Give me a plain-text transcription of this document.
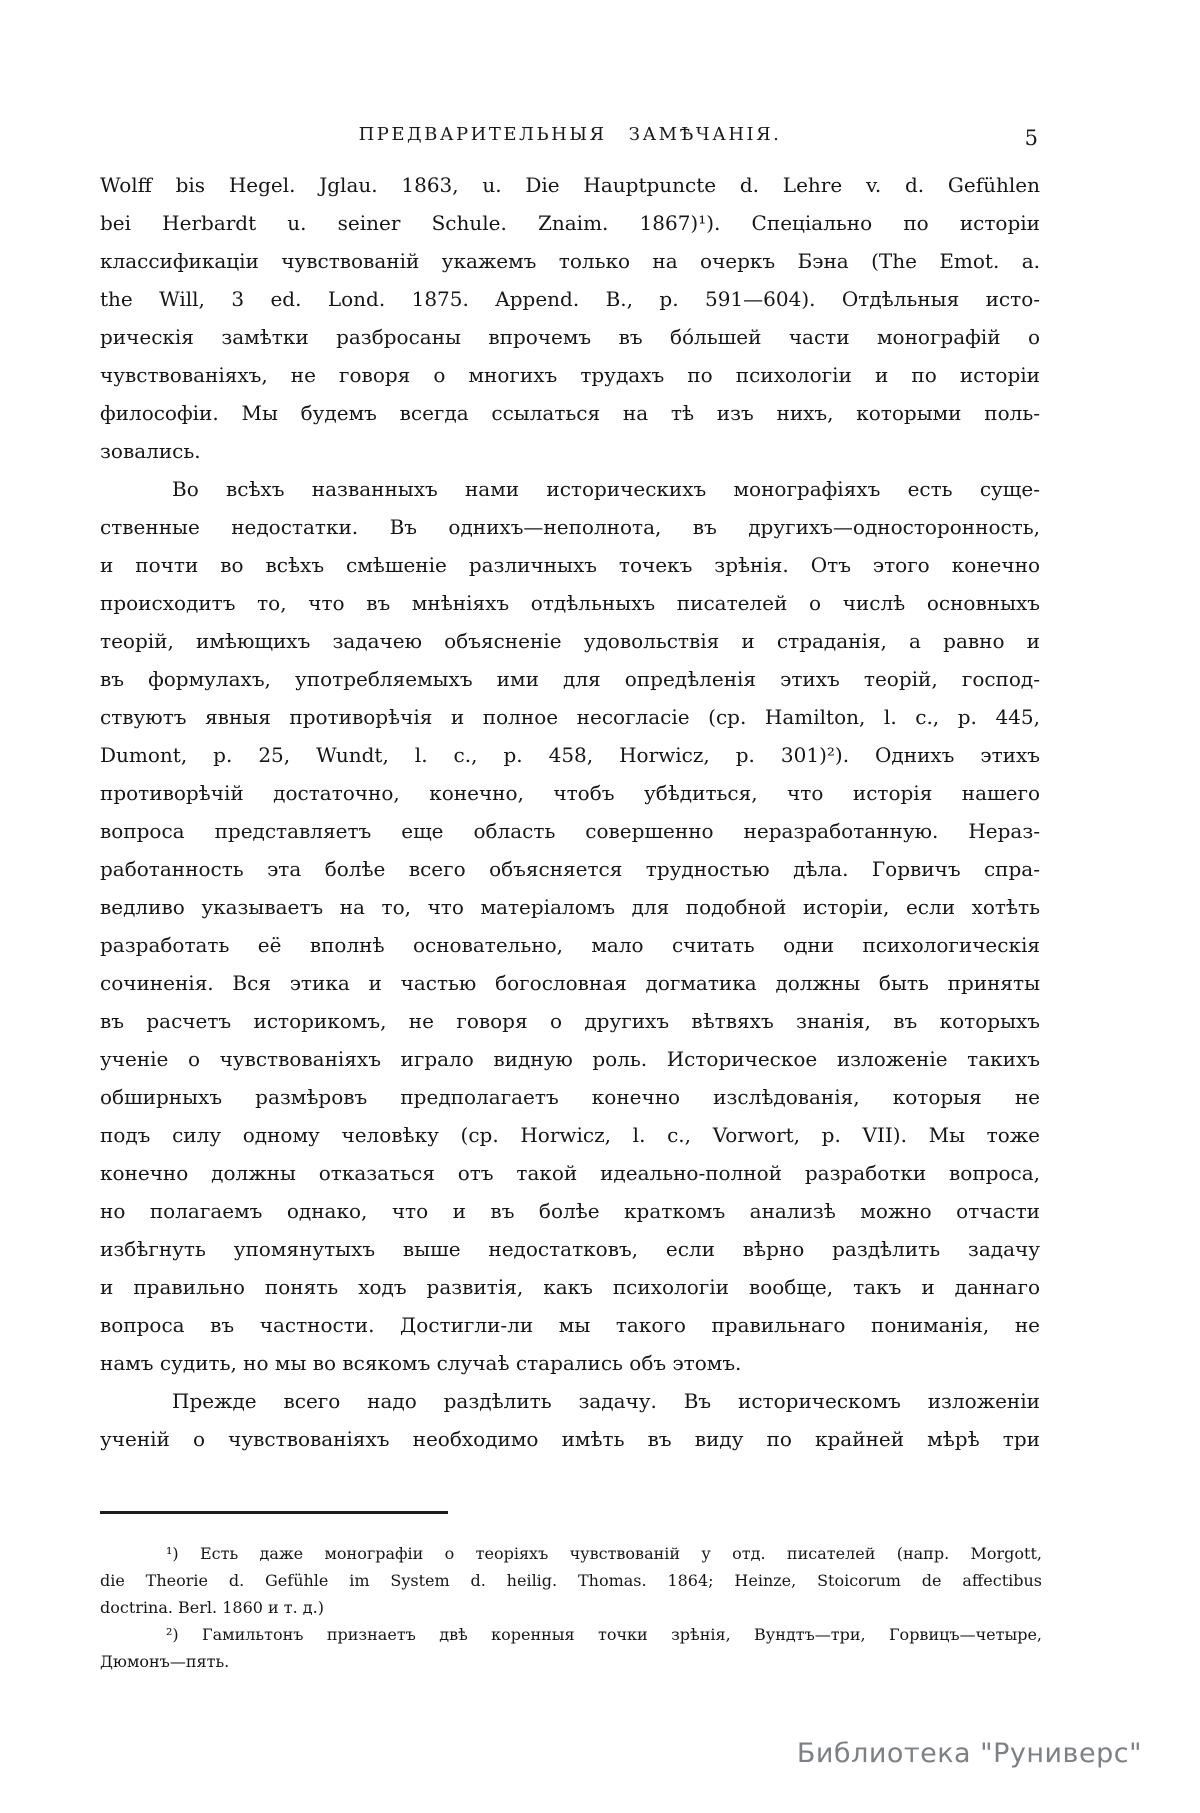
ПРЕДВАРИТЕЛЬНЫЯ ЗАМѢЧАНІЯ.	5
Wolff bis Hegel. Jglau. 1863, u. Die Hauptpuncte d. Lehre v. d. Gefühlen
bei Herbardt u. seiner Schule. Znaim. 1867)¹). Спеціально по исторіи
классификаціи чувствованій укажемъ только на очеркъ Бэна (The Emot. a.
the Will, 3 ed. Lond. 1875. Append. B., p. 591—604). Отдѣльныя исто-
рическія замѣтки разбросаны впрочемъ въ бо́льшей части монографій о
чувствованіяхъ, не говоря о многихъ трудахъ по психологіи и по исторіи
философіи. Мы будемъ всегда ссылаться на тѣ изъ нихъ, которыми поль-
зовались.
Во всѣхъ названныхъ нами историческихъ монографіяхъ есть суще-
ственные недостатки. Въ однихъ—неполнота, въ другихъ—односторонность,
и почти во всѣхъ смѣшеніе различныхъ точекъ зрѣнія. Отъ этого конечно
происходитъ то, что въ мнѣніяхъ отдѣльныхъ писателей о числѣ основныхъ
теорій, имѣющихъ задачею объясненіе удовольствія и страданія, а равно и
въ формулахъ, употребляемыхъ ими для опредѣленія этихъ теорій, господ-
ствуютъ явныя противорѣчія и полное несогласіе (ср. Hamilton, l. c., p. 445,
Dumont, p. 25, Wundt, l. c., p. 458, Horwicz, p. 301)²). Однихъ этихъ
противорѣчій достаточно, конечно, чтобъ убѣдиться, что исторія нашего
вопроса представляетъ еще область совершенно неразработанную. Нераз-
работанность эта болѣе всего объясняется трудностью дѣла. Горвичъ спра-
ведливо указываетъ на то, что матеріаломъ для подобной исторіи, если хотѣть
разработать её вполнѣ основательно, мало считать одни психологическія
сочиненія. Вся этика и частью богословная догматика должны быть приняты
въ расчетъ историкомъ, не говоря о другихъ вѣтвяхъ знанія, въ которыхъ
ученіе о чувствованіяхъ играло видную роль. Историческое изложеніе такихъ
обширныхъ размѣровъ предполагаетъ конечно изслѣдованія, которыя не
подъ силу одному человѣку (ср. Horwicz, l. c., Vorwort, p. VII). Мы тоже
конечно должны отказаться отъ такой идеально-полной разработки вопроса,
но полагаемъ однако, что и въ болѣе краткомъ анализѣ можно отчасти
избѣгнуть упомянутыхъ выше недостатковъ, если вѣрно раздѣлить задачу
и правильно понять ходъ развитія, какъ психологіи вообще, такъ и даннаго
вопроса въ частности. Достигли-ли мы такого правильнаго пониманія, не
намъ судить, но мы во всякомъ случаѣ старались объ этомъ.
Прежде всего надо раздѣлить задачу. Въ историческомъ изложеніи
ученій о чувствованіяхъ необходимо имѣть въ виду по крайней мѣрѣ три
¹) Есть даже монографіи о теоріяхъ чувствованій у отд. писателей (напр. Morgott,
die Theorie d. Gefühle im System d. heilig. Thomas. 1864; Heinze, Stoicorum de affectibus
doctrina. Berl. 1860 и т. д.)
²) Гамильтонъ признаетъ двѣ коренныя точки зрѣнія, Вундтъ—три, Горвицъ—четыре,
Дюмонъ—пять.
Библиотека "Руниверс"
